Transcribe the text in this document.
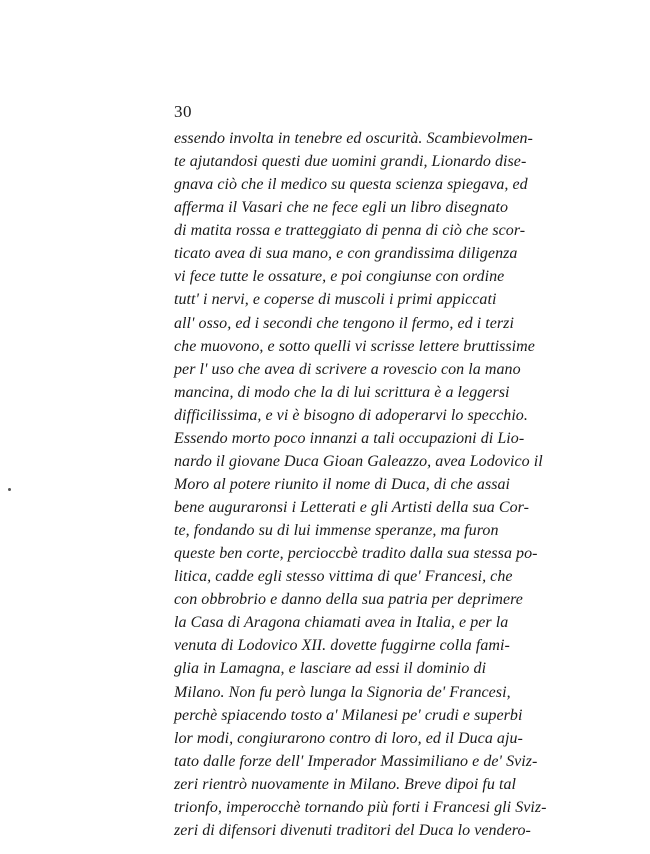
30
essendo involta in tenebre ed oscurità. Scambievolmen-
te ajutandosi questi due uomini grandi, Lionardo dise-
gnava ciò che il medico su questa scienza spiegava, ed
afferma il Vasari che ne fece egli un libro disegnato
di matita rossa e tratteggiato di penna di ciò che scor-
ticato avea di sua mano, e con grandissima diligenza
vi fece tutte le ossature, e poi congiunse con ordine
tutt' i nervi, e coperse di muscoli i primi appiccati
all' osso, ed i secondi che tengono il fermo, ed i terzi
che muovono, e sotto quelli vi scrisse lettere bruttissime
per l' uso che avea di scrivere a rovescio con la mano
mancina, di modo che la di lui scrittura è a leggersi
difficilissima, e vi è bisogno di adoperarvi lo specchio.
Essendo morto poco innanzi a tali occupazioni di Lio-
nardo il giovane Duca Gioan Galeazzo, avea Lodovico il
Moro al potere riunito il nome di Duca, di che assai
bene auguraronsi i Letterati e gli Artisti della sua Cor-
te, fondando su di lui immense speranze, ma furon
queste ben corte, percioccbè tradito dalla sua stessa po-
litica, cadde egli stesso vittima di que' Francesi, che
con obbrobrio e danno della sua patria per deprimere
la Casa di Aragona chiamati avea in Italia, e per la
venuta di Lodovico XII. dovette fuggirne colla fami-
glia in Lamagna, e lasciare ad essi il dominio di
Milano. Non fu però lunga la Signoria de' Francesi,
perchè spiacendo tosto a' Milanesi pe' crudi e superbi
lor modi, congiurarono contro di loro, ed il Duca aju-
tato dalle forze dell' Imperador Massimiliano e de' Sviz-
zeri rientrò nuovamente in Milano. Breve dipoi fu tal
trionfo, imperocchè tornando più forti i Francesi gli Sviz-
zeri di difensori divenuti traditori del Duca lo vendero-
